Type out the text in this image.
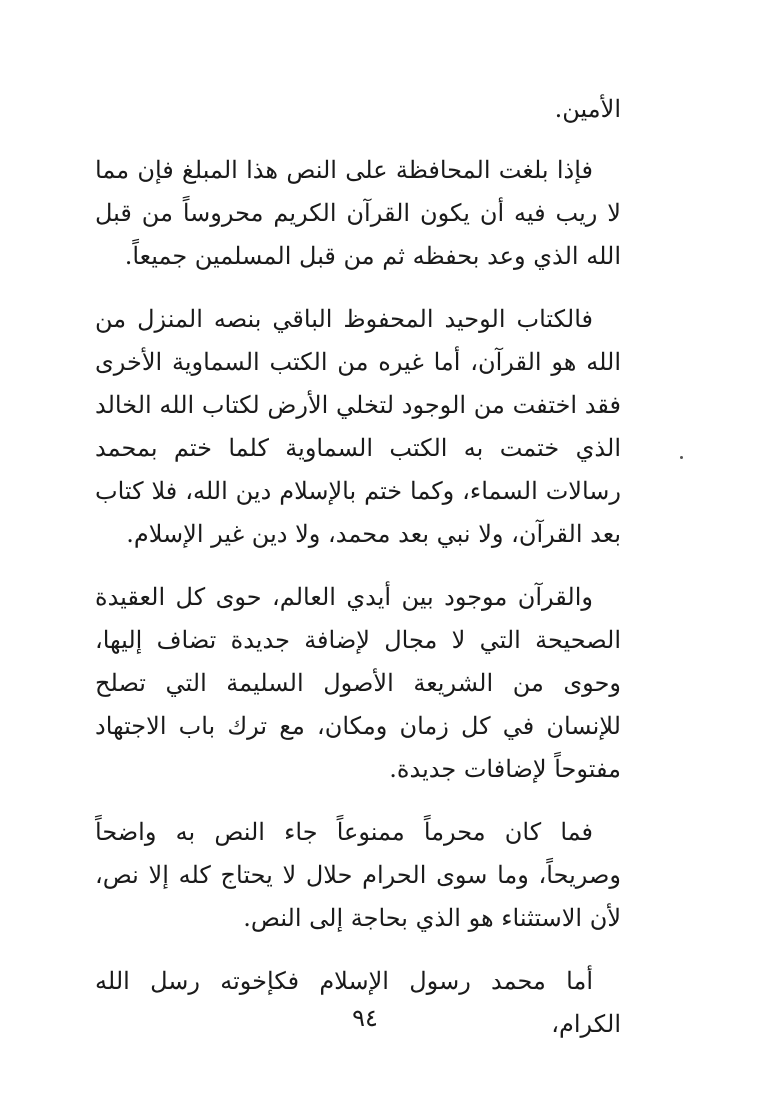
الأمين.

فإذا بلغت المحافظة على النص هذا المبلغ فإن مما لا ريب فيه أن يكون القرآن الكريم محروساً من قبل الله الذي وعد بحفظه ثم من قبل المسلمين جميعاً.

فالكتاب الوحيد المحفوظ الباقي بنصه المنزل من الله هو القرآن، أما غيره من الكتب السماوية الأخرى فقد اختفت من الوجود لتخلي الأرض لكتاب الله الخالد الذي ختمت به الكتب السماوية كلما ختم بمحمد رسالات السماء، وكما ختم بالإسلام دين الله، فلا كتاب بعد القرآن، ولا نبي بعد محمد، ولا دين غير الإسلام.

والقرآن موجود بين أيدي العالم، حوى كل العقيدة الصحيحة التي لا مجال لإضافة جديدة تضاف إليها، وحوى من الشريعة الأصول السليمة التي تصلح للإنسان في كل زمان ومكان، مع ترك باب الاجتهاد مفتوحاً لإضافات جديدة.

فما كان محرماً ممنوعاً جاء النص به واضحاً وصريحاً، وما سوى الحرام حلال لا يحتاج كله إلا نص، لأن الاستثناء هو الذي بحاجة إلى النص.

أما محمد رسول الإسلام فكإخوته رسل الله الكرام،

٩٤
